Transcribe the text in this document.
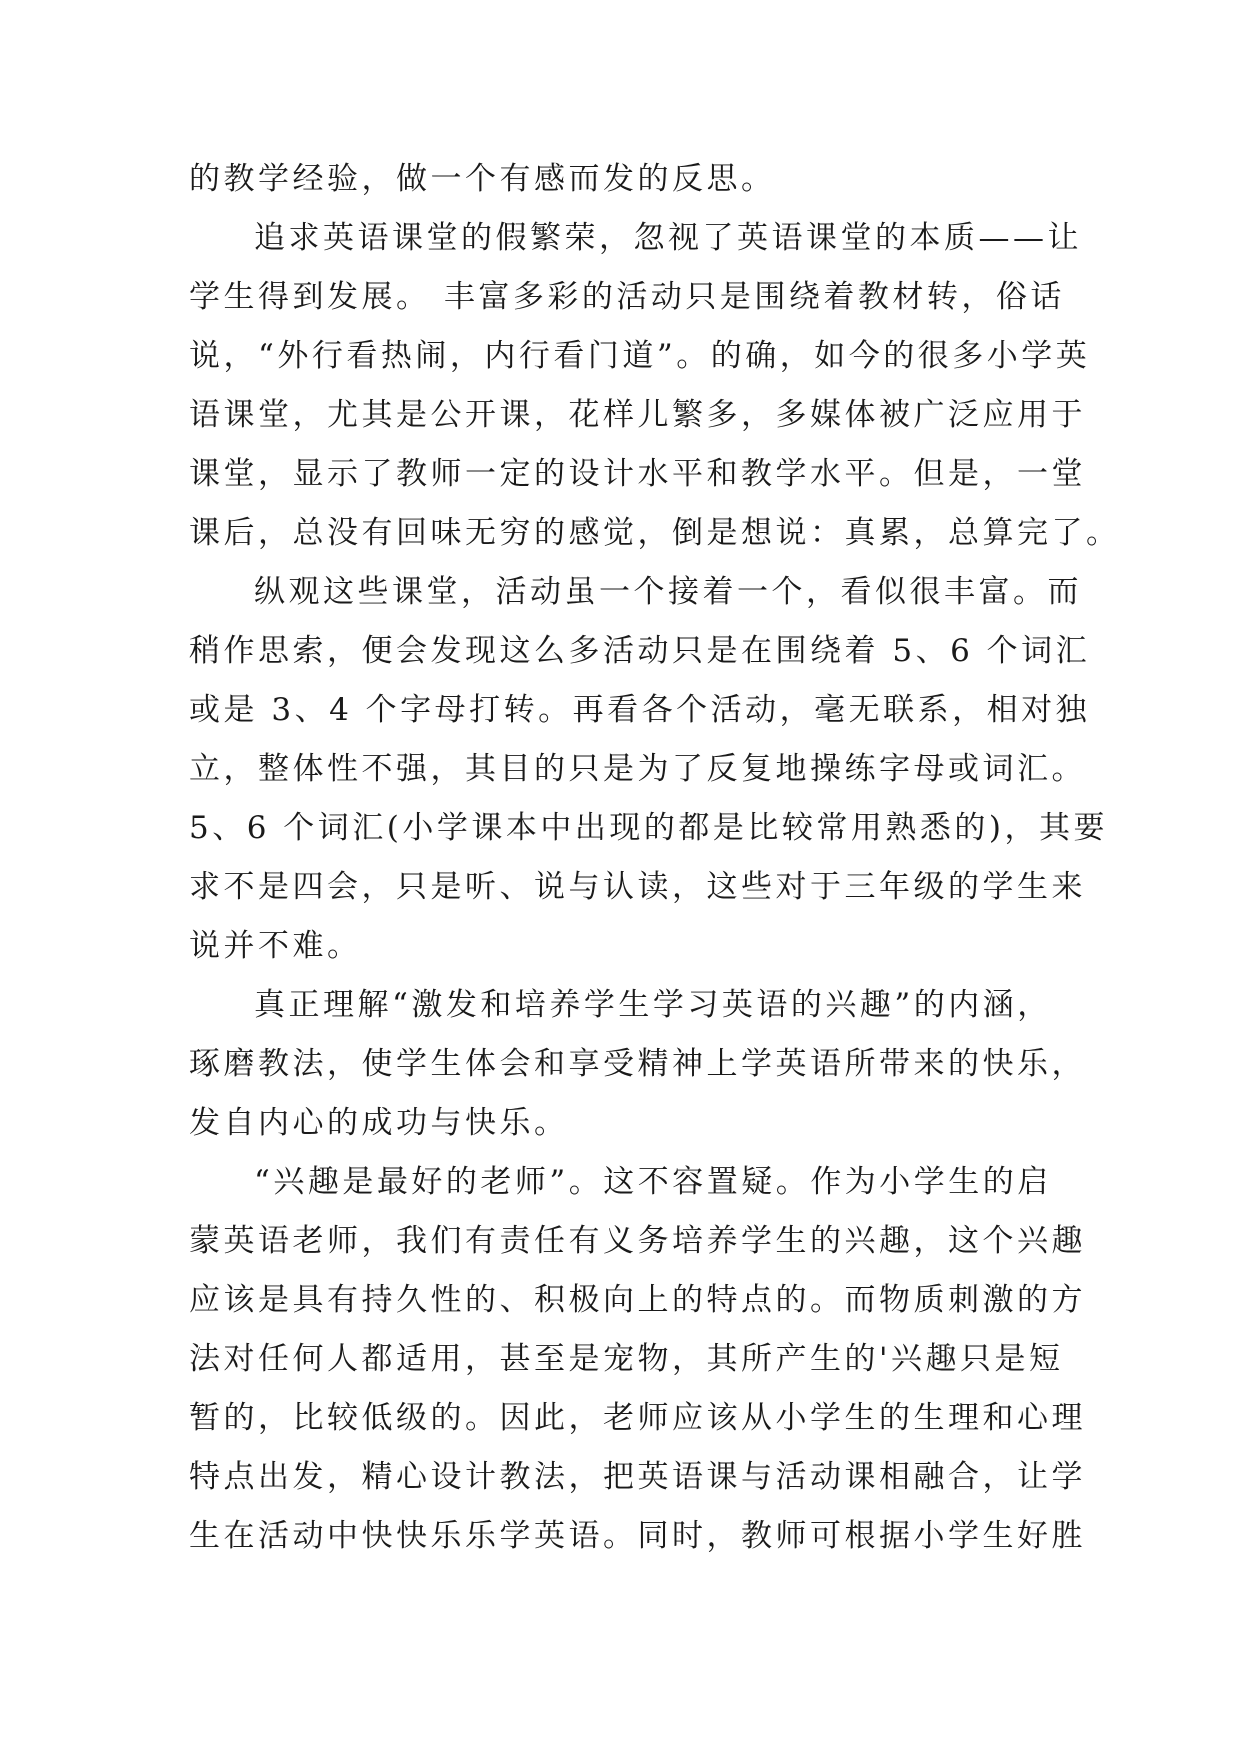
的教学经验，做一个有感而发的反思。
追求英语课堂的假繁荣，忽视了英语课堂的本质——让
学生得到发展。 丰富多彩的活动只是围绕着教材转，俗话
说，“外行看热闹，内行看门道”。的确，如今的很多小学英
语课堂，尤其是公开课，花样儿繁多，多媒体被广泛应用于
课堂，显示了教师一定的设计水平和教学水平。但是，一堂
课后，总没有回味无穷的感觉，倒是想说：真累，总算完了。
纵观这些课堂，活动虽一个接着一个，看似很丰富。而
稍作思索，便会发现这么多活动只是在围绕着 5、6 个词汇
或是 3、4 个字母打转。再看各个活动，毫无联系，相对独
立，整体性不强，其目的只是为了反复地操练字母或词汇。
5、6 个词汇(小学课本中出现的都是比较常用熟悉的)，其要
求不是四会，只是听、说与认读，这些对于三年级的学生来
说并不难。
真正理解“激发和培养学生学习英语的兴趣”的内涵，
琢磨教法，使学生体会和享受精神上学英语所带来的快乐，
发自内心的成功与快乐。
“兴趣是最好的老师”。这不容置疑。作为小学生的启
蒙英语老师，我们有责任有义务培养学生的兴趣，这个兴趣
应该是具有持久性的、积极向上的特点的。而物质刺激的方
法对任何人都适用，甚至是宠物，其所产生的'兴趣只是短
暂的，比较低级的。因此，老师应该从小学生的生理和心理
特点出发，精心设计教法，把英语课与活动课相融合，让学
生在活动中快快乐乐学英语。同时，教师可根据小学生好胜
